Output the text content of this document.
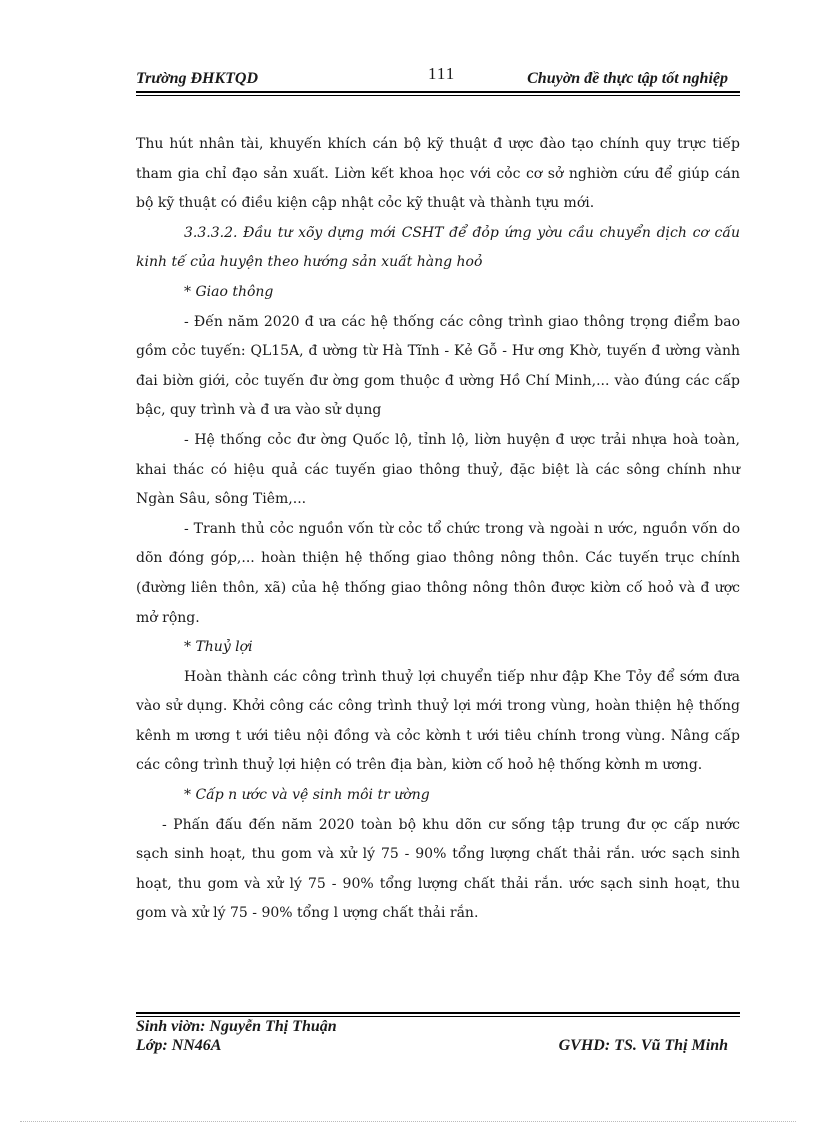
Trường ĐHKTQD	111	Chuyờn đề thực tập tốt nghiệp

Thu hút nhân tài, khuyến khích cán bộ kỹ thuật đ ược đào tạo chính quy trực tiếp tham gia chỉ đạo sản xuất. Liờn kết khoa học với cỏc cơ sở nghiờn cứu để giúp cán bộ kỹ thuật có điều kiện cập nhật cỏc kỹ thuật và thành tựu mới.

3.3.3.2. Đầu tư xõy dựng mới CSHT để đỏp ứng yờu cầu chuyển dịch cơ cấu kinh tế của huyện theo hướng sản xuất hàng hoỏ

* Giao thông

- Đến năm 2020 đ ưa các hệ thống các công trình giao thông trọng điểm bao gồm cỏc tuyến: QL15A, đ ường từ Hà Tĩnh - Kẻ Gỗ - Hư ơng Khờ, tuyến đ ường vành đai biờn giới, cỏc tuyến đư ờng gom thuộc đ ường Hồ Chí Minh,... vào đúng các cấp bậc, quy trình và đ ưa vào sử dụng

- Hệ thống cỏc đư ờng Quốc lộ, tỉnh lộ, liờn huyện đ ược trải nhựa hoà toàn, khai thác có hiệu quả các tuyến giao thông thuỷ, đặc biệt là các sông chính như Ngàn Sâu, sông Tiêm,...

- Tranh thủ cỏc nguồn vốn từ cỏc tổ chức trong và ngoài n ước, nguồn vốn do dõn đóng góp,... hoàn thiện hệ thống giao thông nông thôn. Các tuyến trục chính (đường liên thôn, xã) của hệ thống giao thông nông thôn được kiờn cố hoỏ và đ ược mở rộng.

* Thuỷ lợi

Hoàn thành các công trình thuỷ lợi chuyển tiếp như đập Khe Tỏy để sớm đưa vào sử dụng. Khởi công các công trình thuỷ lợi mới trong vùng, hoàn thiện hệ thống kênh m ương t ưới tiêu nội đồng và cỏc kờnh t ưới tiêu chính trong vùng. Nâng cấp các công trình thuỷ lợi hiện có trên địa bàn, kiờn cố hoỏ hệ thống kờnh m ương.

* Cấp n ước và vệ sinh môi tr ường

- Phấn đấu đến năm 2020 toàn bộ khu dõn cư sống tập trung đư ợc cấp nước sạch sinh hoạt, thu gom và xử lý 75 - 90% tổng lượng chất thải rắn. ước sạch sinh hoạt, thu gom và xử lý 75 - 90% tổng lượng chất thải rắn. ước sạch sinh hoạt, thu gom và xử lý 75 - 90% tổng l ượng chất thải rắn.

Sinh viờn: Nguyễn Thị Thuận
Lớp: NN46A	GVHD: TS. Vũ Thị Minh
